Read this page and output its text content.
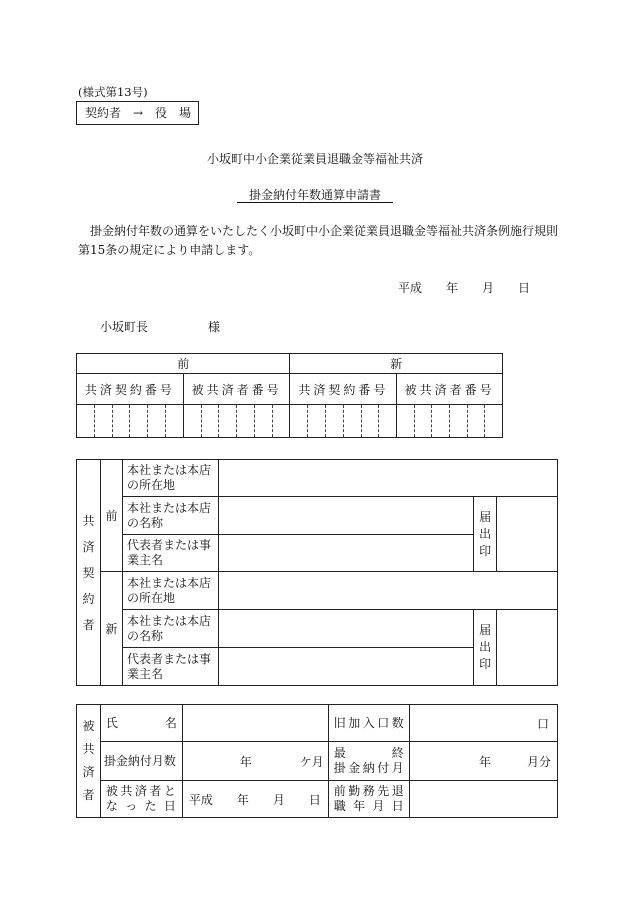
(様式第13号)
契約者　→　役　場
小坂町中小企業従業員退職金等福祉共済
　掛金納付年数通算申請書　
掛金納付年数の通算をいたしたく小坂町中小企業従業員退職金等福祉共済条例施行規則第15条の規定により申請します。
平成　　年　　月　　日
小坂町長　　　　　様
前		新	
共済契約番号	被共済者番号	共済契約番号	被共済者番号

共済契約者	前	本社または本店の所在地			
		本社または本店の名称		届出印	

		代表者または事業主名			
	新	本社または本店の所在地			
		本社または本店の名称		届出印	

		代表者または事業主名			
被共済者	氏　　　名		旧加入口数	口
	掛金納付月数	年　　　　ケ月	最　　　終掛金納付月	年　　　月分

	被共済者となった日	平成　　年　　月　　日	前勤務先退職年月日	
